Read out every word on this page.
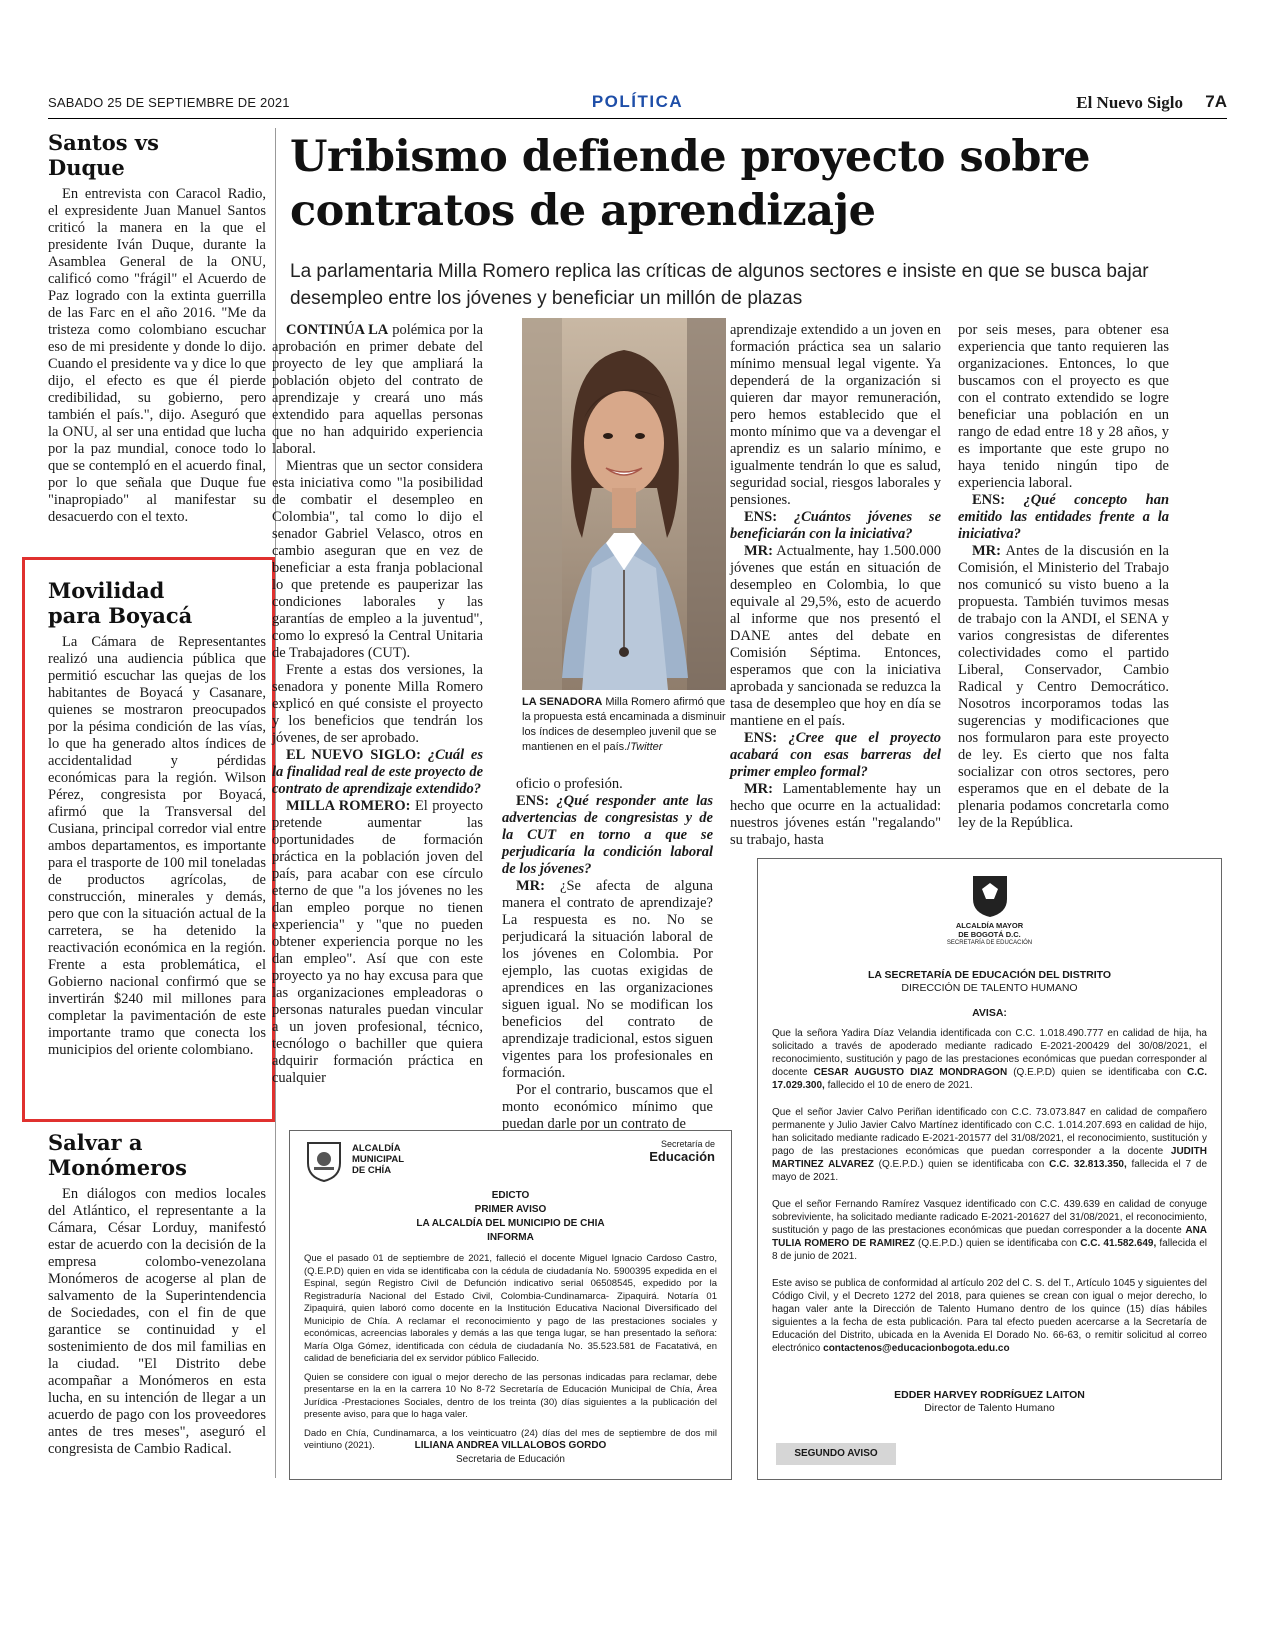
SABADO 25 DE SEPTIEMBRE DE 2021	POLÍTICA	El Nuevo Siglo 7A
Santos vs Duque

En entrevista con Caracol Radio, el expresidente Juan Manuel Santos criticó la manera en la que el presidente Iván Duque, durante la Asamblea General de la ONU, calificó como "frágil" el Acuerdo de Paz logrado con la extinta guerrilla de las Farc en el año 2016. "Me da tristeza como colombiano escuchar eso de mi presidente y donde lo dijo. Cuando el presidente va y dice lo que dijo, el efecto es que él pierde credibilidad, su gobierno, pero también el país.", dijo. Aseguró que la ONU, al ser una entidad que lucha por la paz mundial, conoce todo lo que se contempló en el acuerdo final, por lo que señala que Duque fue "inapropiado" al manifestar su desacuerdo con el texto.

Movilidad para Boyacá

La Cámara de Representantes realizó una audiencia pública que permitió escuchar las quejas de los habitantes de Boyacá y Casanare, quienes se mostraron preocupados por la pésima condición de las vías, lo que ha generado altos índices de accidentalidad y pérdidas económicas para la región. Wilson Pérez, congresista por Boyacá, afirmó que la Transversal del Cusiana, principal corredor vial entre ambos departamentos, es importante para el trasporte de 100 mil toneladas de productos agrícolas, de construcción, minerales y demás, pero que con la situación actual de la carretera, se ha detenido la reactivación económica en la región. Frente a esta problemática, el Gobierno nacional confirmó que se invertirán $240 mil millones para completar la pavimentación de este importante tramo que conecta los municipios del oriente colombiano.

Salvar a Monómeros

En diálogos con medios locales del Atlántico, el representante a la Cámara, César Lorduy, manifestó estar de acuerdo con la decisión de la empresa colombo-venezolana Monómeros de acogerse al plan de salvamento de la Superintendencia de Sociedades, con el fin de que garantice se continuidad y el sostenimiento de dos mil familias en la ciudad. "El Distrito debe acompañar a Monómeros en esta lucha, en su intención de llegar a un acuerdo de pago con los proveedores antes de tres meses", aseguró el congresista de Cambio Radical.

Uribismo defiende proyecto sobre contratos de aprendizaje
La parlamentaria Milla Romero replica las críticas de algunos sectores e insiste en que se busca bajar desempleo entre los jóvenes y beneficiar un millón de plazas

CONTINÚA LA polémica por la aprobación en primer debate del proyecto de ley que ampliará la población objeto del contrato de aprendizaje y creará uno más extendido para aquellas personas que no han adquirido experiencia laboral.

Mientras que un sector considera esta iniciativa como "la posibilidad de combatir el desempleo en Colombia", tal como lo dijo el senador Gabriel Velasco, otros en cambio aseguran que en vez de beneficiar a esta franja poblacional lo que pretende es pauperizar las condiciones laborales y las garantías de empleo a la juventud", como lo expresó la Central Unitaria de Trabajadores (CUT).

Frente a estas dos versiones, la senadora y ponente Milla Romero explicó en qué consiste el proyecto y los beneficios que tendrán los jóvenes, de ser aprobado.

EL NUEVO SIGLO: ¿Cuál es la finalidad real de este proyecto de contrato de aprendizaje extendido?

MILLA ROMERO: El proyecto pretende aumentar las oportunidades de formación práctica en la población joven del país, para acabar con ese círculo eterno de que "a los jóvenes no les dan empleo porque no tienen experiencia" y "que no pueden obtener experiencia porque no les dan empleo". Así que con este proyecto ya no hay excusa para que las organizaciones empleadoras o personas naturales puedan vincular a un joven profesional, técnico, tecnólogo o bachiller que quiera adquirir formación práctica en cualquier

LA SENADORA Milla Romero afirmó que la propuesta está encaminada a disminuir los índices de desempleo juvenil que se mantienen en el país./Twitter

oficio o profesión.

ENS: ¿Qué responder ante las advertencias de congresistas y de la CUT en torno a que se perjudicaría la condición laboral de los jóvenes?

MR: ¿Se afecta de alguna manera el contrato de aprendizaje? La respuesta es no. No se perjudicará la situación laboral de los jóvenes en Colombia. Por ejemplo, las cuotas exigidas de aprendices en las organizaciones siguen igual. No se modifican los beneficios del contrato de aprendizaje tradicional, estos siguen vigentes para los profesionales en formación.

Por el contrario, buscamos que el monto económico mínimo que puedan darle por un contrato de

aprendizaje extendido a un joven en formación práctica sea un salario mínimo mensual legal vigente. Ya dependerá de la organización si quieren dar mayor remuneración, pero hemos establecido que el monto mínimo que va a devengar el aprendiz es un salario mínimo, e igualmente tendrán lo que es salud, seguridad social, riesgos laborales y pensiones.

ENS: ¿Cuántos jóvenes se beneficiarán con la iniciativa?

MR: Actualmente, hay 1.500.000 jóvenes que están en situación de desempleo en Colombia, lo que equivale al 29,5%, esto de acuerdo al informe que nos presentó el DANE antes del debate en Comisión Séptima. Entonces, esperamos que con la iniciativa aprobada y sancionada se reduzca la tasa de desempleo que hoy en día se mantiene en el país.

ENS: ¿Cree que el proyecto acabará con esas barreras del primer empleo formal?

MR: Lamentablemente hay un hecho que ocurre en la actualidad: nuestros jóvenes están "regalando" su trabajo, hasta

por seis meses, para obtener esa experiencia que tanto requieren las organizaciones. Entonces, lo que buscamos con el proyecto es que con el contrato extendido se logre beneficiar una población en un rango de edad entre 18 y 28 años, y es importante que este grupo no haya tenido ningún tipo de experiencia laboral.

ENS: ¿Qué concepto han emitido las entidades frente a la iniciativa?

MR: Antes de la discusión en la Comisión, el Ministerio del Trabajo nos comunicó su visto bueno a la propuesta. También tuvimos mesas de trabajo con la ANDI, el SENA y varios congresistas de diferentes colectividades como el partido Liberal, Conservador, Cambio Radical y Centro Democrático. Nosotros incorporamos todas las sugerencias y modificaciones que nos formularon para este proyecto de ley. Es cierto que nos falta socializar con otros sectores, pero esperamos que en el debate de la plenaria podamos concretarla como ley de la República.

ALCALDÍA
MUNICIPAL
DE CHÍA
Secretaría de
Educación
EDICTO
PRIMER AVISO
LA ALCALDÍA DEL MUNICIPIO DE CHIA
INFORMA

Que el pasado 01 de septiembre de 2021, falleció el docente Miguel Ignacio Cardoso Castro, (Q.E.P.D) quien en vida se identificaba con la cédula de ciudadanía No. 5900395 expedida en el Espinal, según Registro Civil de Defunción indicativo serial 06508545, expedido por la Registraduría Nacional del Estado Civil, Colombia-Cundinamarca- Zipaquirá. Notaría 01 Zipaquirá, quien laboró como docente en la Institución Educativa Nacional Diversificado del Municipio de Chía. A reclamar el reconocimiento y pago de las prestaciones sociales y económicas, acreencias laborales y demás a las que tenga lugar, se han presentado la señora: María Olga Gómez, identificada con cédula de ciudadanía No. 35.523.581 de Facatativá, en calidad de beneficiaria del ex servidor público Fallecido.

Quien se considere con igual o mejor derecho de las personas indicadas para reclamar, debe presentarse en la en la carrera 10 No 8-72 Secretaría de Educación Municipal de Chía, Área Jurídica -Prestaciones Sociales, dentro de los treinta (30) días siguientes a la publicación del presente aviso, para que lo haga valer.

Dado en Chía, Cundinamarca, a los veinticuatro (24) días del mes de septiembre de dos mil veintiuno (2021).	LILIANA ANDREA VILLALOBOS GORDO
Secretaria de Educación
ALCALDÍA MAYOR
DE BOGOTÁ D.C.
SECRETARÍA DE EDUCACIÓN
LA SECRETARÍA DE EDUCACIÓN DEL DISTRITO
DIRECCIÓN DE TALENTO HUMANO
AVISA:

Que la señora Yadira Díaz Velandia identificada con C.C. 1.018.490.777 en calidad de hija, ha solicitado a través de apoderado mediante radicado E-2021-200429 del 30/08/2021, el reconocimiento, sustitución y pago de las prestaciones económicas que puedan corresponder al docente CESAR AUGUSTO DIAZ MONDRAGON (Q.E.P.D) quien se identificaba con C.C. 17.029.300, fallecido el 10 de enero de 2021.

Que el señor Javier Calvo Periñan identificado con C.C. 73.073.847 en calidad de compañero permanente y Julio Javier Calvo Martínez identificado con C.C. 1.014.207.693 en calidad de hijo, han solicitado mediante radicado E-2021-201577 del 31/08/2021, el reconocimiento, sustitución y pago de las prestaciones económicas que puedan corresponder a la docente JUDITH MARTINEZ ALVAREZ (Q.E.P.D.) quien se identificaba con C.C. 32.813.350, fallecida el 7 de mayo de 2021.

Que el señor Fernando Ramírez Vasquez identificado con C.C. 439.639 en calidad de conyuge sobreviviente, ha solicitado mediante radicado E-2021-201627 del 31/08/2021, el reconocimiento, sustitución y pago de las prestaciones económicas que puedan corresponder a la docente ANA TULIA ROMERO DE RAMIREZ (Q.E.P.D.) quien se identificaba con C.C. 41.582.649, fallecida el 8 de junio de 2021.

Este aviso se publica de conformidad al artículo 202 del C. S. del T., Artículo 1045 y siguientes del Código Civil, y el Decreto 1272 del 2018, para quienes se crean con igual o mejor derecho, lo hagan valer ante la Dirección de Talento Humano dentro de los quince (15) días hábiles siguientes a la fecha de esta publicación. Para tal efecto pueden acercarse a la Secretaría de Educación del Distrito, ubicada en la Avenida El Dorado No. 66-63, o remitir solicitud al correo electrónico contactenos@educacionbogota.edu.co

EDDER HARVEY RODRÍGUEZ LAITON
Director de Talento Humano
SEGUNDO AVISO
